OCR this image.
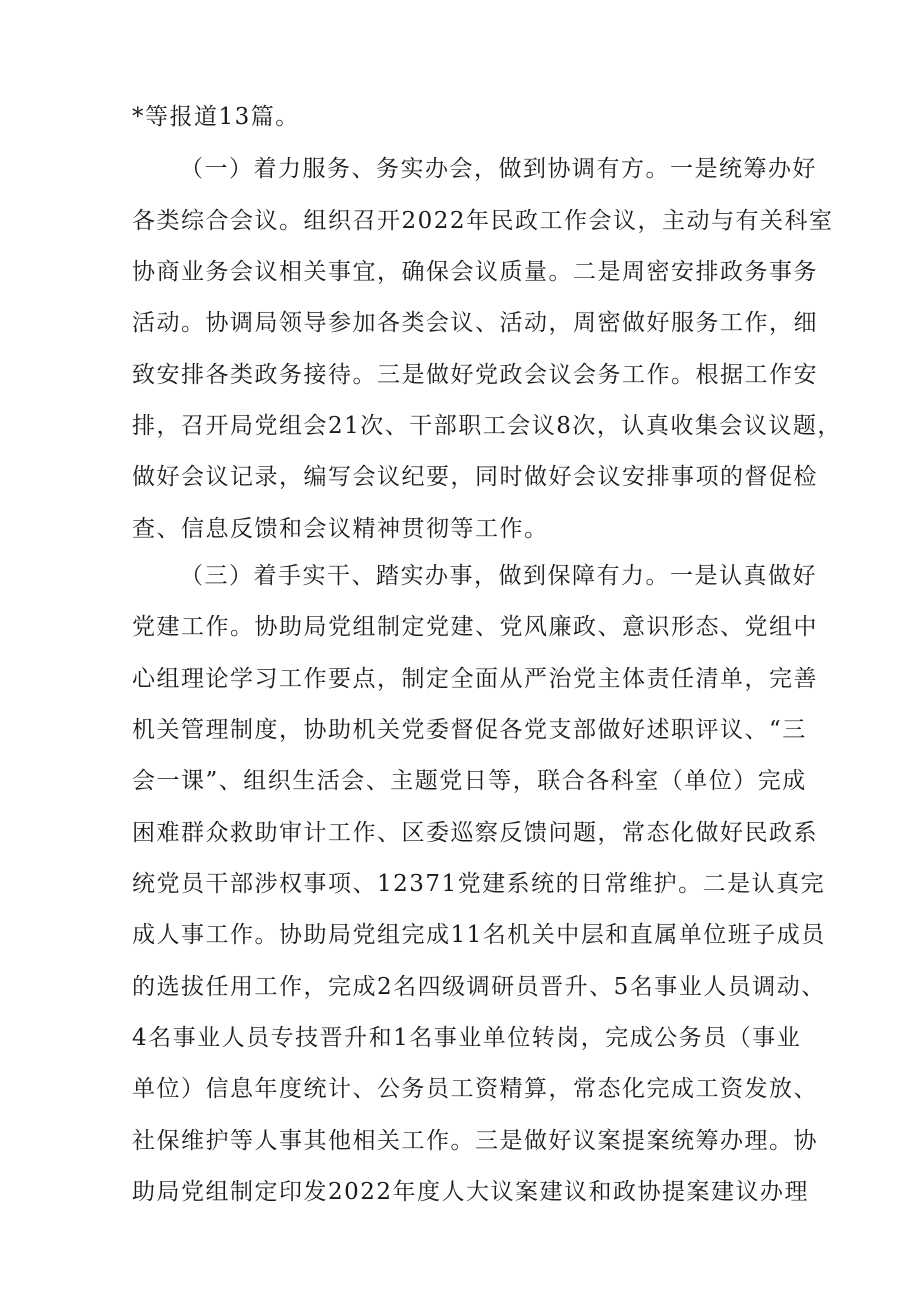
*等报道13篇。
（一）着力服务、务实办会，做到协调有方。一是统筹办好
各类综合会议。组织召开2022年民政工作会议，主动与有关科室
协商业务会议相关事宜，确保会议质量。二是周密安排政务事务
活动。协调局领导参加各类会议、活动，周密做好服务工作，细
致安排各类政务接待。三是做好党政会议会务工作。根据工作安
排，召开局党组会21次、干部职工会议8次，认真收集会议议题，
做好会议记录，编写会议纪要，同时做好会议安排事项的督促检
查、信息反馈和会议精神贯彻等工作。
（三）着手实干、踏实办事，做到保障有力。一是认真做好
党建工作。协助局党组制定党建、党风廉政、意识形态、党组中
心组理论学习工作要点，制定全面从严治党主体责任清单，完善
机关管理制度，协助机关党委督促各党支部做好述职评议、“三
会一课”、组织生活会、主题党日等，联合各科室（单位）完成
困难群众救助审计工作、区委巡察反馈问题，常态化做好民政系
统党员干部涉权事项、12371党建系统的日常维护。二是认真完
成人事工作。协助局党组完成11名机关中层和直属单位班子成员
的选拔任用工作，完成2名四级调研员晋升、5名事业人员调动、
4名事业人员专技晋升和1名事业单位转岗，完成公务员（事业
单位）信息年度统计、公务员工资精算，常态化完成工资发放、
社保维护等人事其他相关工作。三是做好议案提案统筹办理。协
助局党组制定印发2022年度人大议案建议和政协提案建议办理
